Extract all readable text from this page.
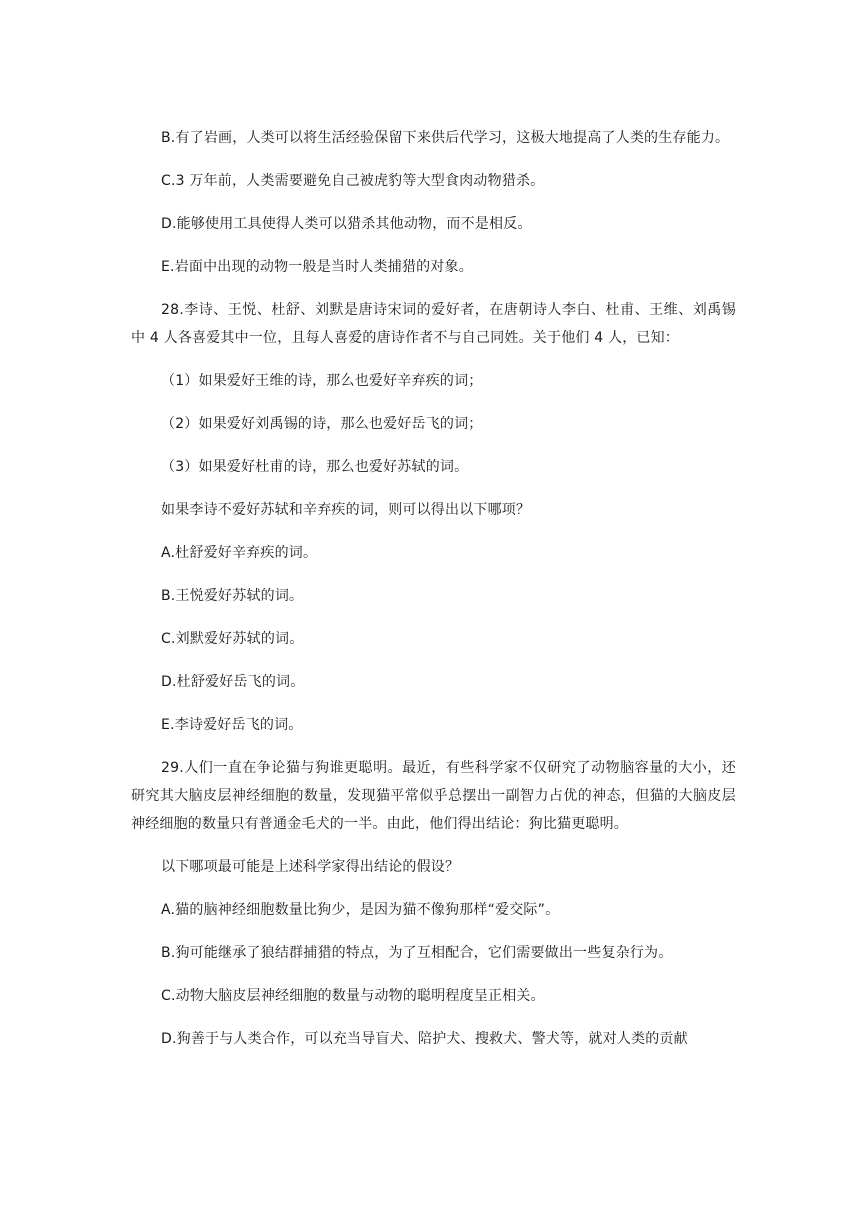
B.有了岩画，人类可以将生活经验保留下来供后代学习，这极大地提高了人类的生存能力。

C.3 万年前，人类需要避免自己被虎豹等大型食肉动物猎杀。

D.能够使用工具使得人类可以猎杀其他动物，而不是相反。

E.岩面中出现的动物一般是当时人类捕猎的对象。

28.李诗、王悦、杜舒、刘默是唐诗宋词的爱好者，在唐朝诗人李白、杜甫、王维、刘禹锡中 4 人各喜爱其中一位，且每人喜爱的唐诗作者不与自己同姓。关于他们 4 人，已知：

（1）如果爱好王维的诗，那么也爱好辛弃疾的词；

（2）如果爱好刘禹锡的诗，那么也爱好岳飞的词；

（3）如果爱好杜甫的诗，那么也爱好苏轼的词。

如果李诗不爱好苏轼和辛弃疾的词，则可以得出以下哪项？

A.杜舒爱好辛弃疾的词。

B.王悦爱好苏轼的词。

C.刘默爱好苏轼的词。

D.杜舒爱好岳飞的词。

E.李诗爱好岳飞的词。

29.人们一直在争论猫与狗谁更聪明。最近，有些科学家不仅研究了动物脑容量的大小，还研究其大脑皮层神经细胞的数量，发现猫平常似乎总摆出一副智力占优的神态，但猫的大脑皮层神经细胞的数量只有普通金毛犬的一半。由此，他们得出结论：狗比猫更聪明。

以下哪项最可能是上述科学家得出结论的假设？

A.猫的脑神经细胞数量比狗少，是因为猫不像狗那样“爱交际”。

B.狗可能继承了狼结群捕猎的特点，为了互相配合，它们需要做出一些复杂行为。

C.动物大脑皮层神经细胞的数量与动物的聪明程度呈正相关。

D.狗善于与人类合作，可以充当导盲犬、陪护犬、搜救犬、警犬等，就对人类的贡献
